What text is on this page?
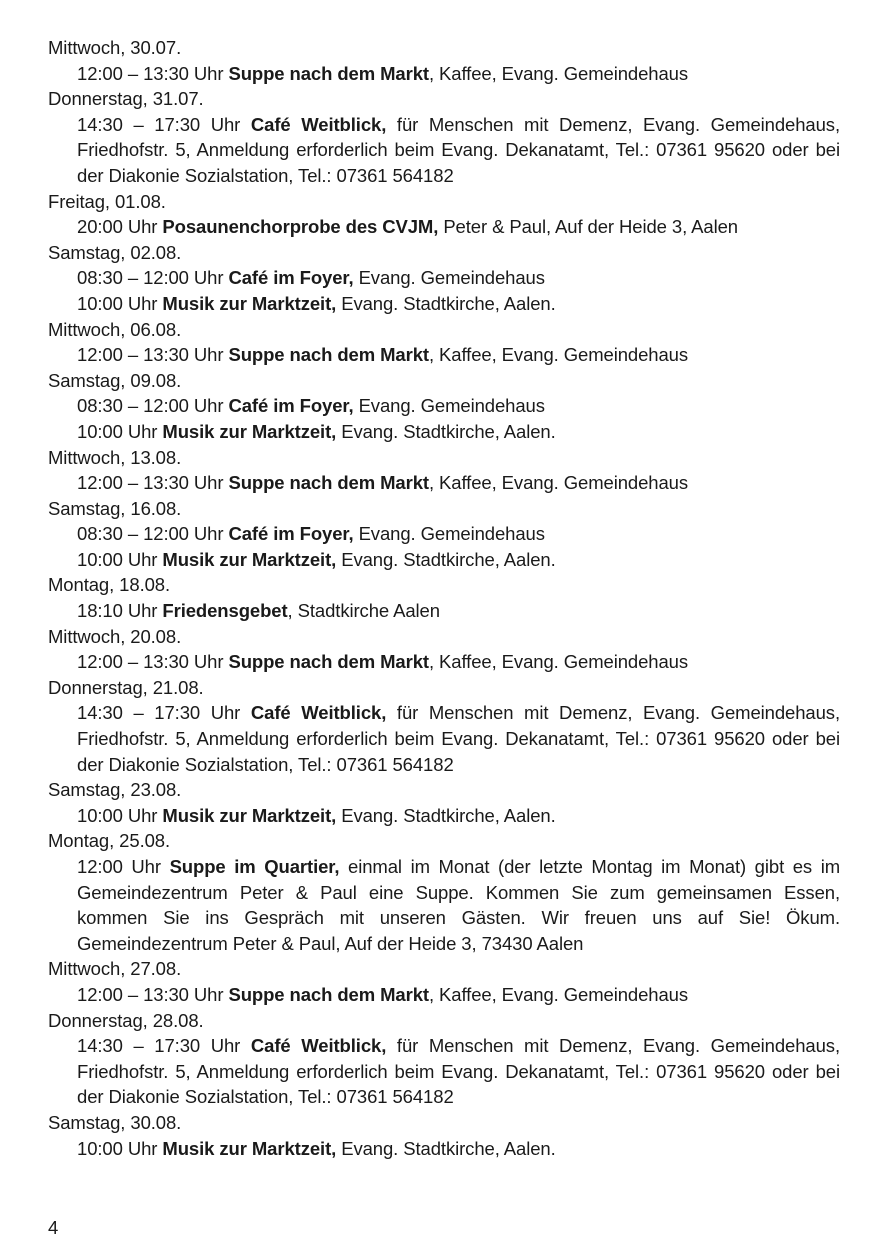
Mittwoch, 30.07.
12:00 – 13:30 Uhr Suppe nach dem Markt, Kaffee, Evang. Gemeindehaus
Donnerstag, 31.07.
14:30 – 17:30 Uhr Café Weitblick, für Menschen mit Demenz, Evang. Gemeindehaus, Friedhofstr. 5, Anmeldung erforderlich beim Evang. Dekanatamt, Tel.: 07361 95620 oder bei der Diakonie Sozialstation, Tel.: 07361 564182
Freitag, 01.08.
20:00 Uhr Posaunenchorprobe des CVJM, Peter & Paul, Auf der Heide 3, Aalen
Samstag, 02.08.
08:30 – 12:00 Uhr Café im Foyer, Evang. Gemeindehaus
10:00 Uhr Musik zur Marktzeit, Evang. Stadtkirche, Aalen.
Mittwoch, 06.08.
12:00 – 13:30 Uhr Suppe nach dem Markt, Kaffee, Evang. Gemeindehaus
Samstag, 09.08.
08:30 – 12:00 Uhr Café im Foyer, Evang. Gemeindehaus
10:00 Uhr Musik zur Marktzeit, Evang. Stadtkirche, Aalen.
Mittwoch, 13.08.
12:00 – 13:30 Uhr Suppe nach dem Markt, Kaffee, Evang. Gemeindehaus
Samstag, 16.08.
08:30 – 12:00 Uhr Café im Foyer, Evang. Gemeindehaus
10:00 Uhr Musik zur Marktzeit, Evang. Stadtkirche, Aalen.
Montag, 18.08.
18:10 Uhr Friedensgebet, Stadtkirche Aalen
Mittwoch, 20.08.
12:00 – 13:30 Uhr Suppe nach dem Markt, Kaffee, Evang. Gemeindehaus
Donnerstag, 21.08.
14:30 – 17:30 Uhr Café Weitblick, für Menschen mit Demenz, Evang. Gemeindehaus, Friedhofstr. 5, Anmeldung erforderlich beim Evang. Dekanatamt, Tel.: 07361 95620 oder bei der Diakonie Sozialstation, Tel.: 07361 564182
Samstag, 23.08.
10:00 Uhr Musik zur Marktzeit, Evang. Stadtkirche, Aalen.
Montag, 25.08.
12:00 Uhr Suppe im Quartier, einmal im Monat (der letzte Montag im Monat) gibt es im Gemeindezentrum Peter & Paul eine Suppe. Kommen Sie zum gemeinsamen Essen, kommen Sie ins Gespräch mit unseren Gästen. Wir freuen uns auf Sie! Ökum. Gemeindezentrum Peter & Paul, Auf der Heide 3, 73430 Aalen
Mittwoch, 27.08.
12:00 – 13:30 Uhr Suppe nach dem Markt, Kaffee, Evang. Gemeindehaus
Donnerstag, 28.08.
14:30 – 17:30 Uhr Café Weitblick, für Menschen mit Demenz, Evang. Gemeindehaus, Friedhofstr. 5, Anmeldung erforderlich beim Evang. Dekanatamt, Tel.: 07361 95620 oder bei der Diakonie Sozialstation, Tel.: 07361 564182
Samstag, 30.08.
10:00 Uhr Musik zur Marktzeit, Evang. Stadtkirche, Aalen.
4
